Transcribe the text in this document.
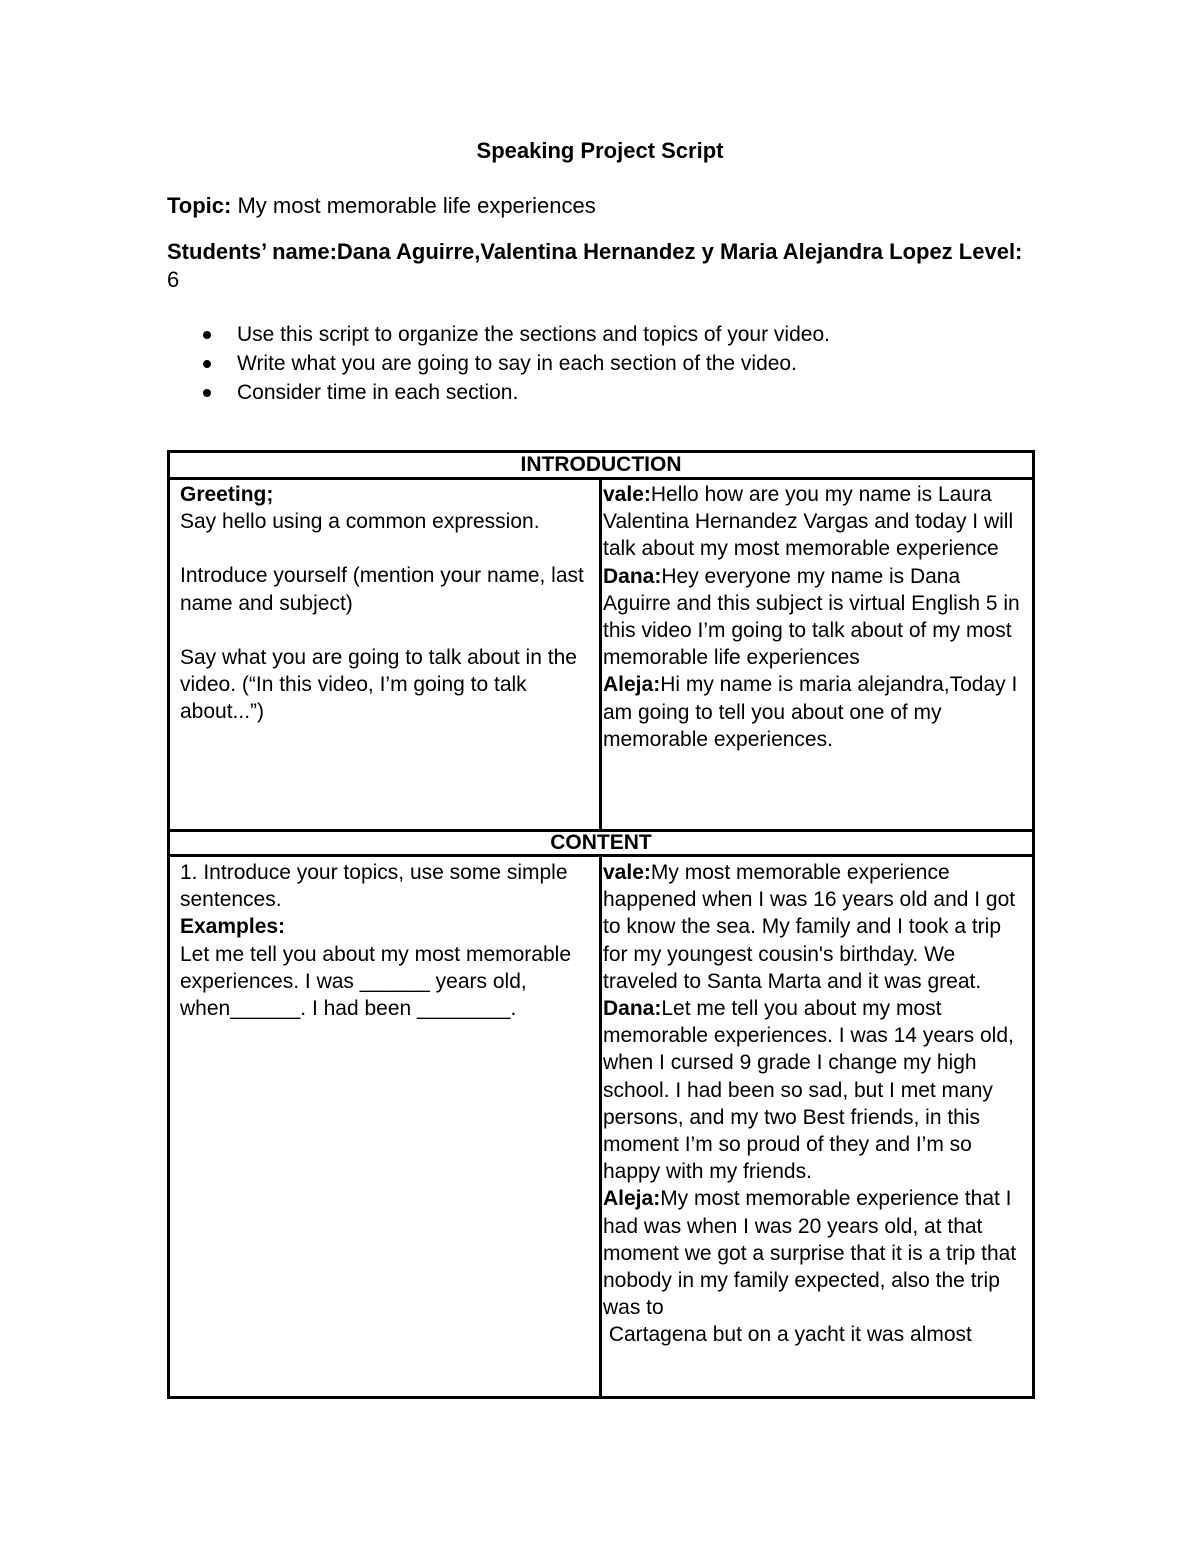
Speaking Project Script
Topic: My most memorable life experiences
Students’ name:Dana Aguirre,Valentina Hernandez y Maria Alejandra Lopez Level: 6
Use this script to organize the sections and topics of your video.
Write what you are going to say in each section of the video.
Consider time in each section.
INTRODUCTION
Greeting;
Say hello using a common expression.
Introduce yourself (mention your name, last name and subject)
Say what you are going to talk about in the video. (“In this video, I’m going to talk about...”)
vale:Hello how are you my name is Laura Valentina Hernandez Vargas and today I will talk about my most memorable experience
Dana:Hey everyone my name is Dana Aguirre and this subject is virtual English 5 in this video I’m going to talk about of my most memorable life experiences
Aleja:Hi my name is maria alejandra,Today I am going to tell you about one of my memorable experiences.
CONTENT
1. Introduce your topics, use some simple sentences.
Examples:
Let me tell you about my most memorable experiences. I was ______ years old, when______. I had been ________.
vale:My most memorable experience happened when I was 16 years old and I got to know the sea. My family and I took a trip for my youngest cousin's birthday. We traveled to Santa Marta and it was great.
Dana:Let me tell you about my most memorable experiences. I was 14 years old, when I cursed 9 grade I change my high school. I had been so sad, but I met many persons, and my two Best friends, in this moment I’m so proud of they and I’m so happy with my friends.
Aleja:My most memorable experience that I had was when I was 20 years old, at that moment we got a surprise that it is a trip that nobody in my family expected, also the trip was to
Cartagena but on a yacht it was almost
